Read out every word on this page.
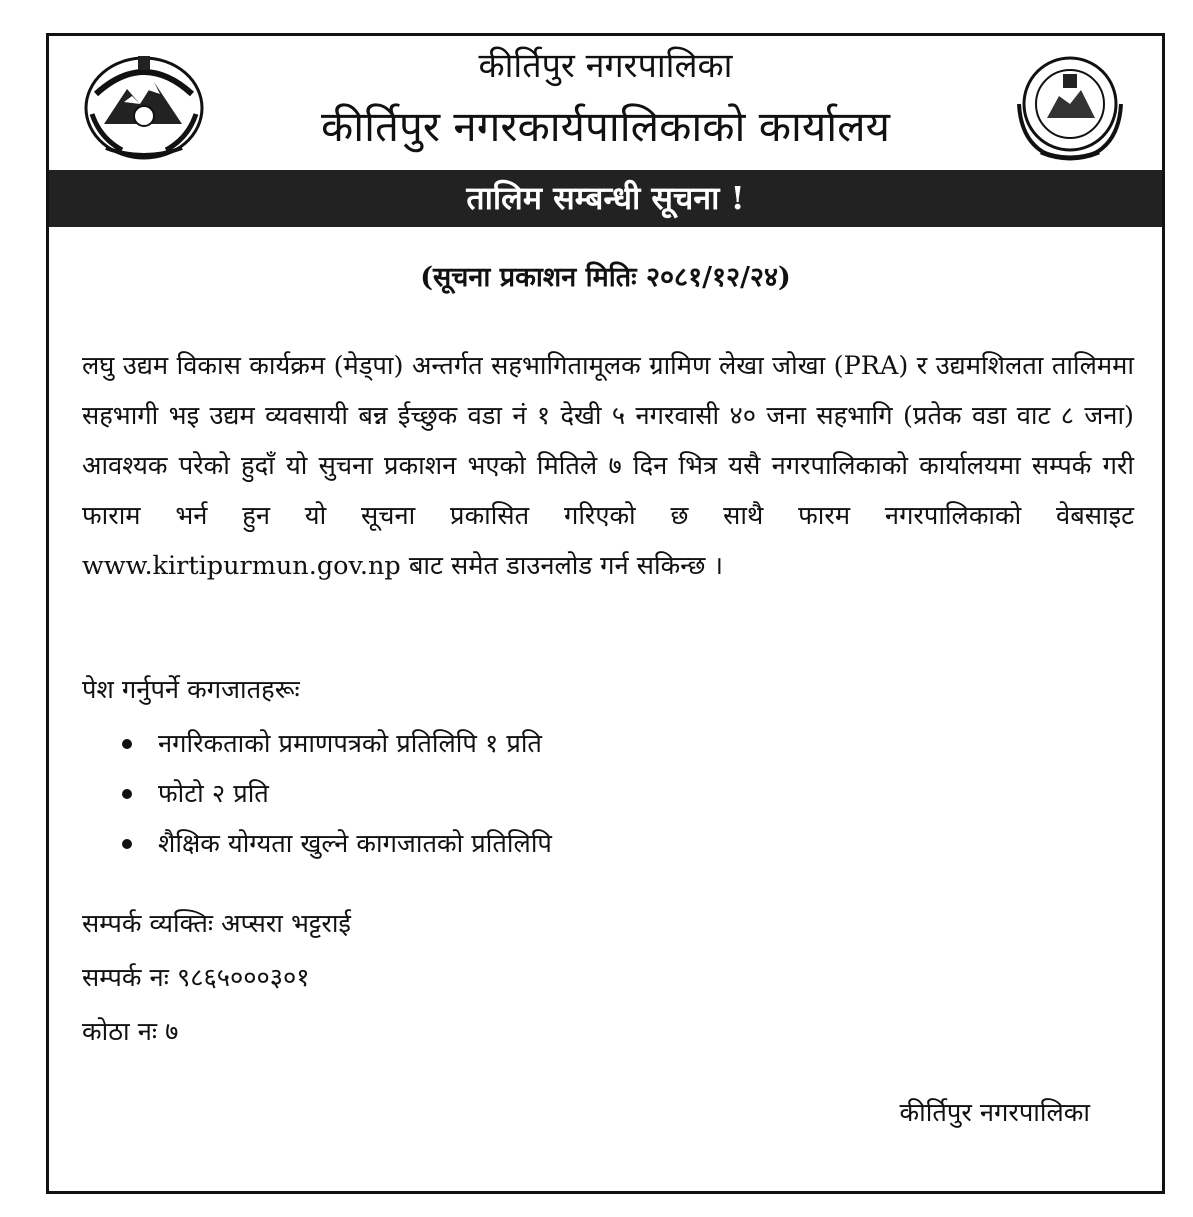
कीर्तिपुर नगरपालिका
कीर्तिपुर नगरकार्यपालिकाको कार्यालय
तालिम सम्बन्धी सूचना !
(सूचना प्रकाशन मितिः २०८१/१२/२४)
लघु उद्यम विकास कार्यक्रम (मेड्पा) अन्तर्गत सहभागितामूलक ग्रामिण लेखा जोखा (PRA) र उद्यमशिलता तालिममा सहभागी भइ उद्यम व्यवसायी बन्न ईच्छुक वडा नं १ देखी ५ नगरवासी ४० जना सहभागि (प्रतेक वडा वाट ८ जना) आवश्यक परेको हुदाँ यो सुचना प्रकाशन भएको मितिले ७ दिन भित्र यसै नगरपालिकाको कार्यालयमा सम्पर्क गरी फाराम भर्न हुन यो सूचना प्रकासित गरिएको छ साथै फारम नगरपालिकाको वेबसाइट www.kirtipurmun.gov.np बाट समेत डाउनलोड गर्न सकिन्छ ।
पेश गर्नुपर्ने कगजातहरूः
नगरिकताको प्रमाणपत्रको प्रतिलिपि १ प्रति
फोटो २ प्रति
शैक्षिक योग्यता खुल्ने कागजातको प्रतिलिपि
सम्पर्क व्यक्तिः अप्सरा भट्टराई
सम्पर्क नः ९८६५०००३०१
कोठा नः ७
कीर्तिपुर नगरपालिका
